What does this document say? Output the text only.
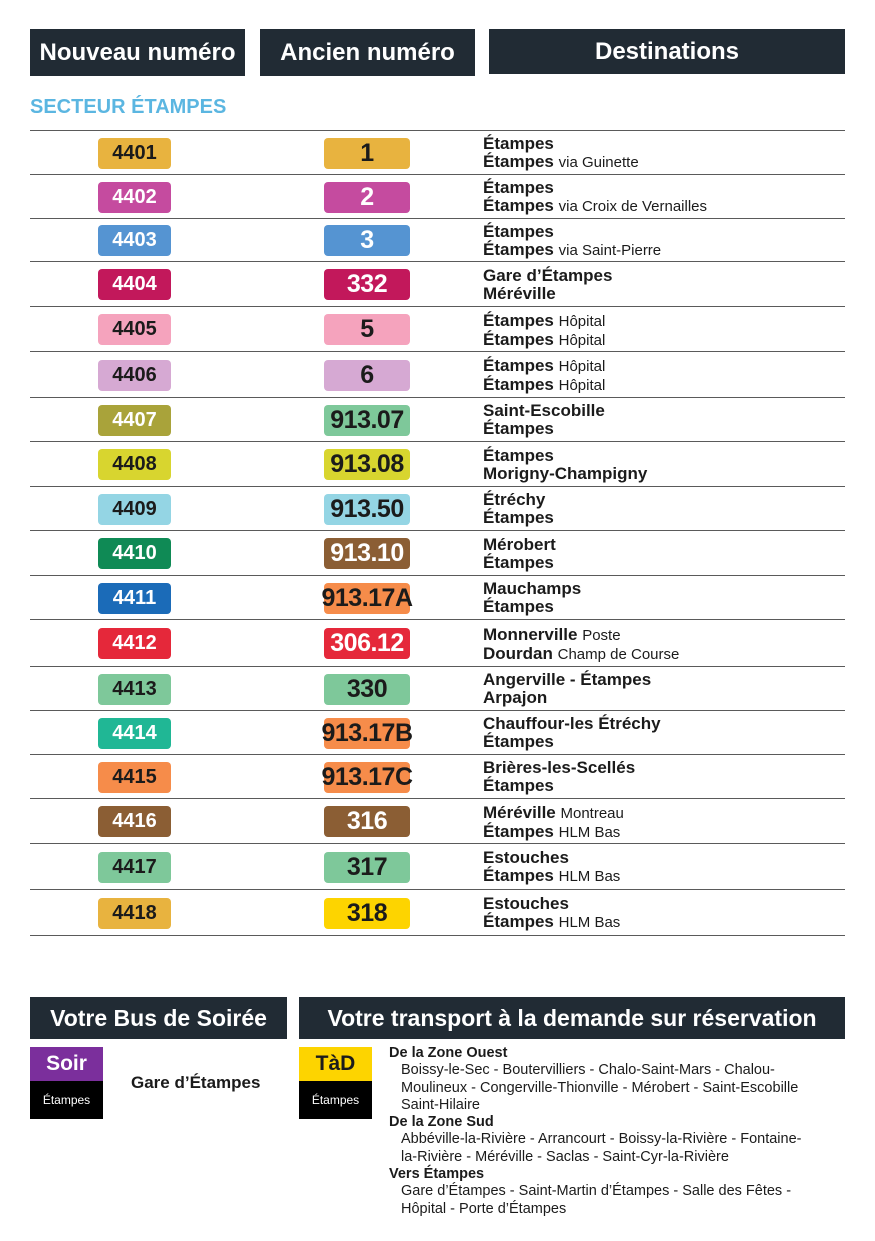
Nouveau numéro	Ancien numéro	Destinations
SECTEUR ÉTAMPES
4401	1	Étampes
Étampes via Guinette
4402	2	Étampes
Étampes via Croix de Vernailles
4403	3	Étampes
Étampes via Saint-Pierre
4404	332	Gare d’Étampes
Méréville
4405	5	Étampes Hôpital
Étampes Hôpital
4406	6	Étampes Hôpital
Étampes Hôpital
4407	913.07	Saint-Escobille
Étampes
4408	913.08	Étampes
Morigny-Champigny
4409	913.50	Étréchy
Étampes
4410	913.10	Mérobert
Étampes
4411	913.17A	Mauchamps
Étampes
4412	306.12	Monnerville Poste
Dourdan Champ de Course
4413	330	Angerville - Étampes
Arpajon
4414	913.17B	Chauffour-les Étréchy
Étampes
4415	913.17C	Brières-les-Scellés
Étampes
4416	316	Méréville Montreau
Étampes HLM Bas
4417	317	Estouches
Étampes HLM Bas
4418	318	Estouches
Étampes HLM Bas
Votre Bus de Soirée	Votre transport à la demande sur réservation
Soir
Étampes
Gare d’Étampes
TàD
Étampes
De la Zone Ouest
Boissy-le-Sec - Boutervilliers - Chalo-Saint-Mars - Chalou-
Moulineux - Congerville-Thionville - Mérobert - Saint-Escobille
Saint-Hilaire
De la Zone Sud
Abbéville-la-Rivière - Arrancourt - Boissy-la-Rivière - Fontaine-
la-Rivière - Méréville - Saclas - Saint-Cyr-la-Rivière
Vers Étampes
Gare d’Étampes - Saint-Martin d’Étampes - Salle des Fêtes -
Hôpital - Porte d’Étampes
